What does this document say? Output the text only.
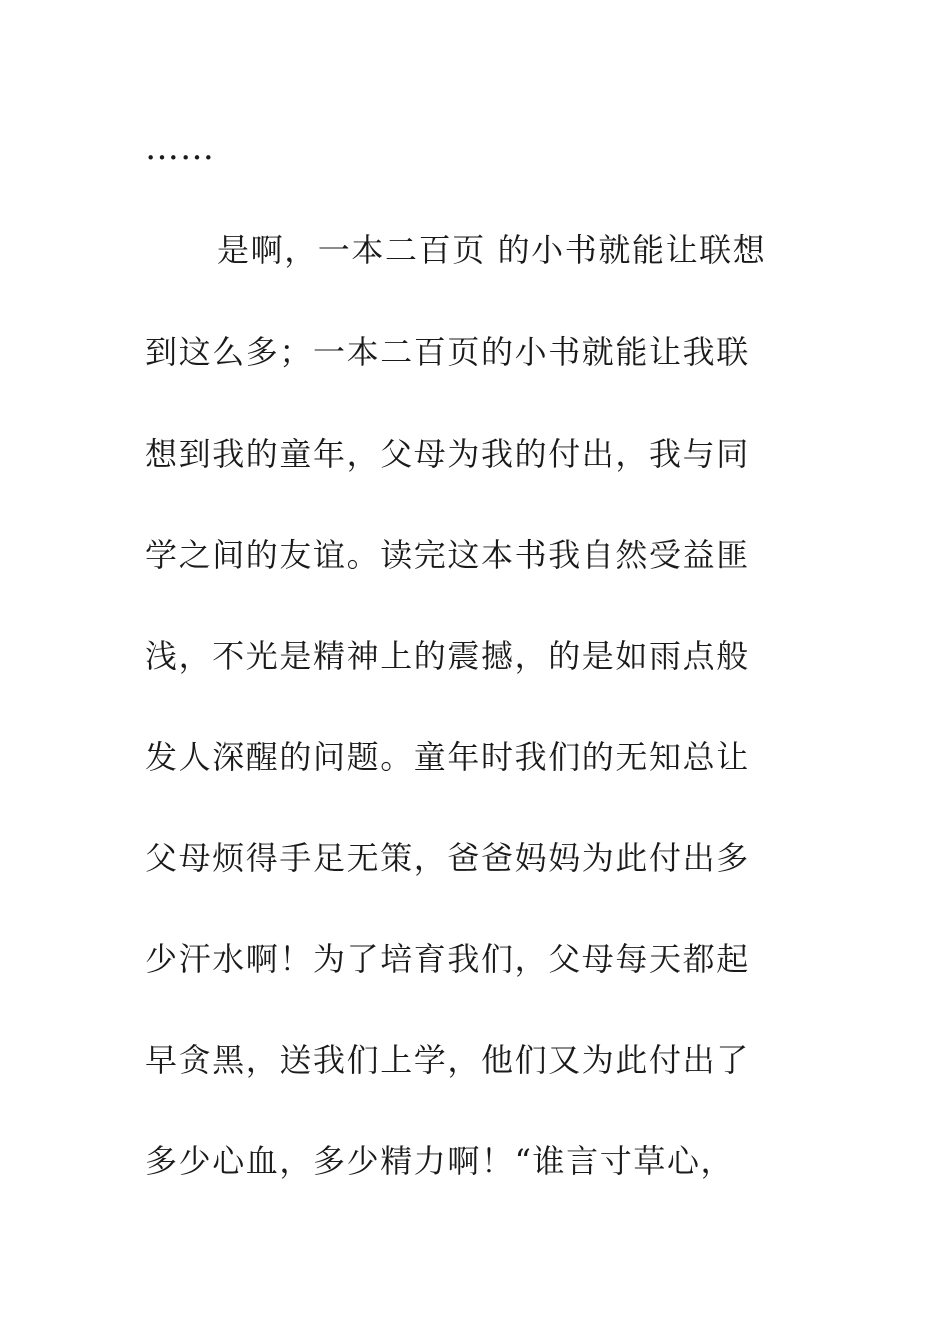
……
是啊，一本二百页 的小书就能让联想
到这么多；一本二百页的小书就能让我联
想到我的童年，父母为我的付出，我与同
学之间的友谊。读完这本书我自然受益匪
浅，不光是精神上的震撼，的是如雨点般
发人深醒的问题。童年时我们的无知总让
父母烦得手足无策，爸爸妈妈为此付出多
少汗水啊！为了培育我们，父母每天都起
早贪黑，送我们上学，他们又为此付出了
多少心血，多少精力啊！“谁言寸草心，
